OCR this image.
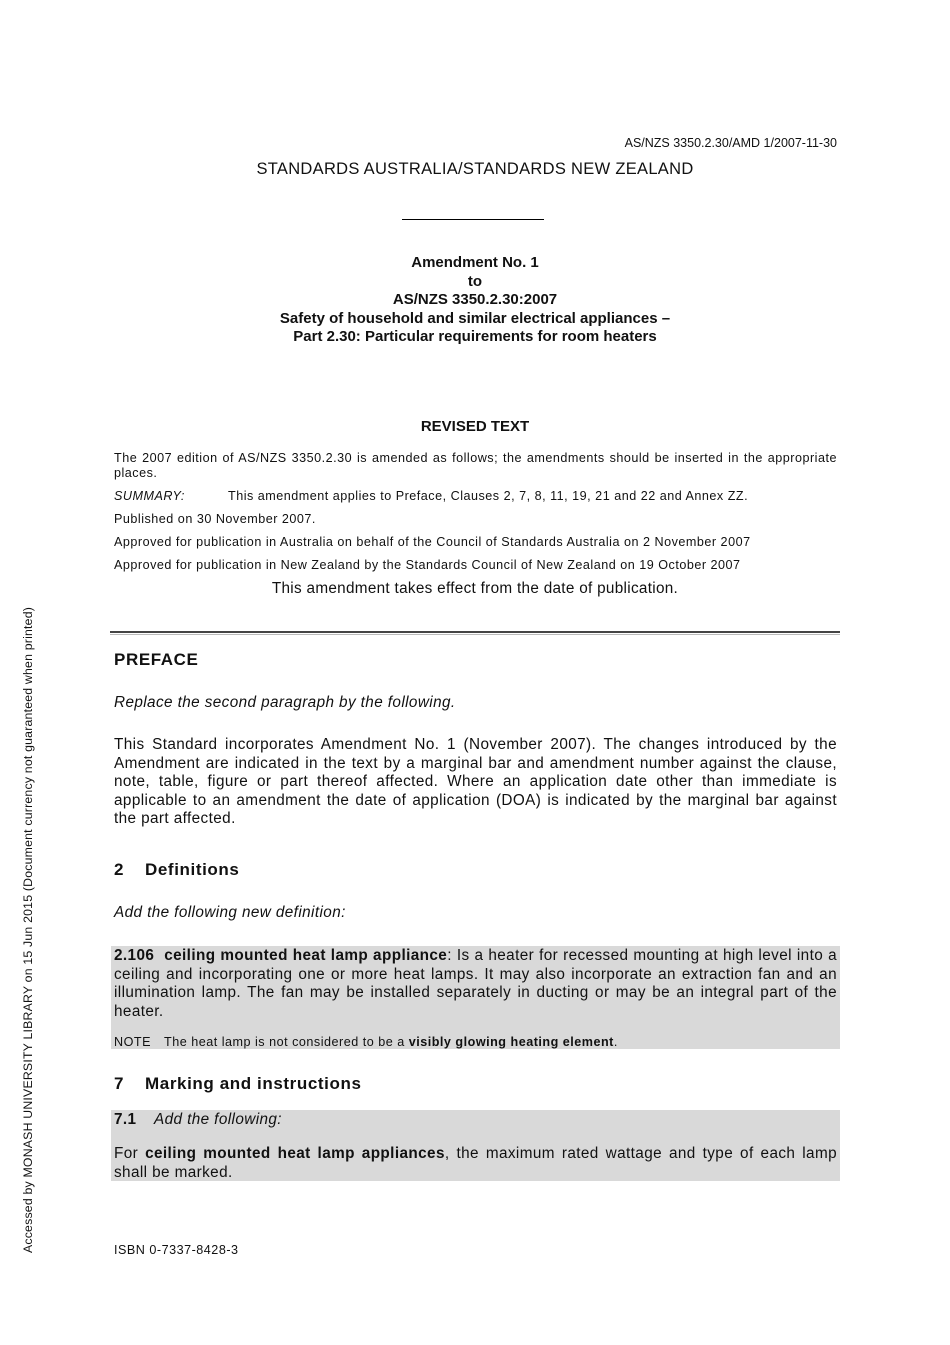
AS/NZS 3350.2.30/AMD 1/2007-11-30
STANDARDS AUSTRALIA/STANDARDS NEW ZEALAND
Amendment No. 1
to
AS/NZS 3350.2.30:2007
Safety of household and similar electrical appliances –
Part 2.30: Particular requirements for room heaters
REVISED TEXT
The 2007 edition of AS/NZS 3350.2.30 is amended as follows; the amendments should be inserted in the appropriate places.
SUMMARY:	This amendment applies to Preface, Clauses 2, 7, 8, 11, 19, 21 and 22 and Annex ZZ.
Published on 30 November 2007.
Approved for publication in Australia on behalf of the Council of Standards Australia on 2 November 2007
Approved for publication in New Zealand by the Standards Council of New Zealand on 19 October 2007
This amendment takes effect from the date of publication.
PREFACE
Replace the second paragraph by the following.
This Standard incorporates Amendment No. 1 (November 2007). The changes introduced by the Amendment are indicated in the text by a marginal bar and amendment number against the clause, note, table, figure or part thereof affected. Where an application date other than immediate is applicable to an amendment the date of application (DOA) is indicated by the marginal bar against the part affected.
2 Definitions
Add the following new definition:
2.106 ceiling mounted heat lamp appliance: Is a heater for recessed mounting at high level into a ceiling and incorporating one or more heat lamps. It may also incorporate an extraction fan and an illumination lamp. The fan may be installed separately in ducting or may be an integral part of the heater.
NOTE The heat lamp is not considered to be a visibly glowing heating element.
7 Marking and instructions
7.1 Add the following:
For ceiling mounted heat lamp appliances, the maximum rated wattage and type of each lamp shall be marked.
ISBN 0-7337-8428-3
Accessed by MONASH UNIVERSITY LIBRARY on 15 Jun 2015 (Document currency not guaranteed when printed)
